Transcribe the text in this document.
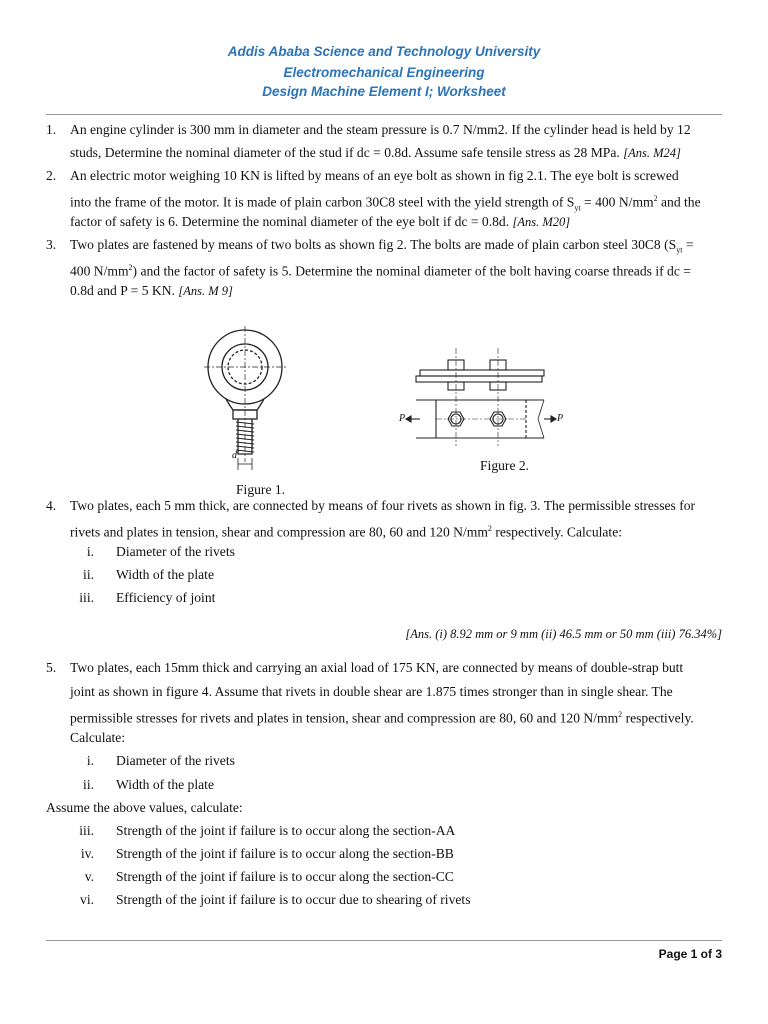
Addis Ababa Science and Technology University
Electromechanical Engineering
Design Machine Element I; Worksheet
1. An engine cylinder is 300 mm in diameter and the steam pressure is 0.7 N/mm2. If the cylinder head is held by 12
studs, Determine the nominal diameter of the stud if dc = 0.8d. Assume safe tensile stress as 28 MPa. [Ans. M24]
2. An electric motor weighing 10 KN is lifted by means of an eye bolt as shown in fig 2.1. The eye bolt is screwed
into the frame of the motor. It is made of plain carbon 30C8 steel with the yield strength of $S_{yt} = 400$ $N/mm^2$ and the
factor of safety is 6. Determine the nominal diameter of the eye bolt if dc = 0.8d. [Ans. M20]
3. Two plates are fastened by means of two bolts as shown fig 2. The bolts are made of plain carbon steel 30C8 ($S_{yt}$ =
400 $N/mm^2$) and the factor of safety is 5. Determine the nominal diameter of the bolt having coarse threads if dc =
0.8d and P = 5 KN. [Ans. M 9]
d
Figure 1.
P	P
Figure 2.
4. Two plates, each 5 mm thick, are connected by means of four rivets as shown in fig. 3. The permissible stresses for
rivets and plates in tension, shear and compression are 80, 60 and 120 $N/mm^2$ respectively. Calculate:
i. Diameter of the rivets
ii. Width of the plate
iii. Efficiency of joint
[Ans. (i) 8.92 mm or 9 mm (ii) 46.5 mm or 50 mm (iii) 76.34%]
5. Two plates, each 15mm thick and carrying an axial load of 175 KN, are connected by means of double-strap butt
joint as shown in figure 4. Assume that rivets in double shear are 1.875 times stronger than in single shear. The
permissible stresses for rivets and plates in tension, shear and compression are 80, 60 and 120 $N/mm^2$ respectively.
Calculate:
i. Diameter of the rivets
ii. Width of the plate
Assume the above values, calculate:
iii. Strength of the joint if failure is to occur along the section-AA
iv. Strength of the joint if failure is to occur along the section-BB
v. Strength of the joint if failure is to occur along the section-CC
vi. Strength of the joint if failure is to occur due to shearing of rivets
Page 1 of 3
